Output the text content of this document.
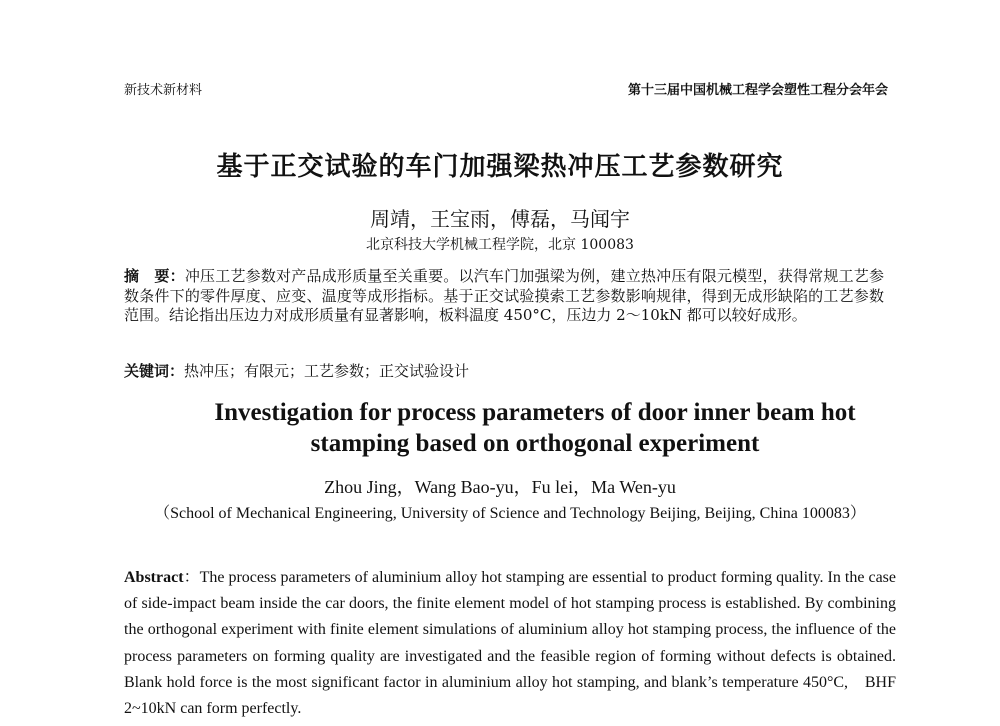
新技术新材料	第十三届中国机械工程学会塑性工程分会年会
基于正交试验的车门加强梁热冲压工艺参数研究
周靖，王宝雨，傅磊，马闻宇
北京科技大学机械工程学院，北京 100083
摘　要：冲压工艺参数对产品成形质量至关重要。以汽车门加强梁为例，建立热冲压有限元模型，获得常规工艺参数条件下的零件厚度、应变、温度等成形指标。基于正交试验摸索工艺参数影响规律，得到无成形缺陷的工艺参数范围。结论指出压边力对成形质量有显著影响，板料温度 450°C，压边力 2～10kN 都可以较好成形。
关键词：热冲压；有限元；工艺参数；正交试验设计
Investigation for process parameters of door inner beam hot
stamping based on orthogonal experiment
Zhou Jing，Wang Bao-yu，Fu lei，Ma Wen-yu
（School of Mechanical Engineering, University of Science and Technology Beijing, Beijing, China 100083）
Abstract：The process parameters of aluminium alloy hot stamping are essential to product forming quality. In the case of side-impact beam inside the car doors, the finite element model of hot stamping process is established. By combining the orthogonal experiment with finite element simulations of aluminium alloy hot stamping process, the influence of the process parameters on forming quality are investigated and the feasible region of forming without defects is obtained. Blank hold force is the most significant factor in aluminium alloy hot stamping, and blank’s temperature 450°C,　BHF 2~10kN can form perfectly.
